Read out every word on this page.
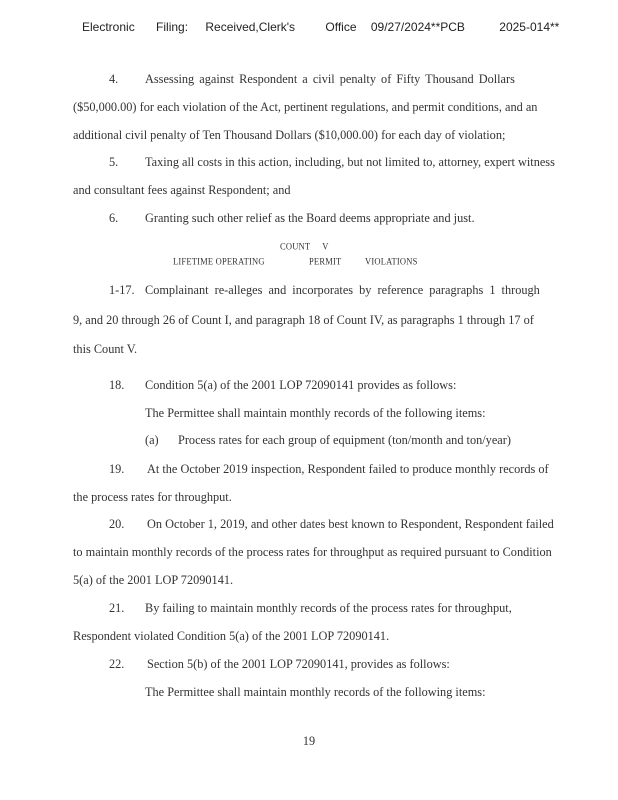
Electronic Filing: Received,Clerk's	Office 09/27/2024**PCB	2025-014**
4. Assessing against Respondent a civil penalty of Fifty Thousand Dollars
($50,000.00) for each violation of the Act, pertinent regulations, and permit conditions, and an
additional civil penalty of Ten Thousand Dollars ($10,000.00) for each day of violation;
5. Taxing all costs in this action, including, but not limited to, attorney, expert witness
and consultant fees against Respondent; and
6. Granting such other relief as the Board deems appropriate and just.
COUNT V
LIFETIME OPERATING	PERMIT	VIOLATIONS
1-17. Complainant re-alleges and incorporates by reference paragraphs 1 through
9, and 20 through 26 of Count I, and paragraph 18 of Count IV, as paragraphs 1 through 17 of
this Count V.
18. Condition 5(a) of the 2001 LOP 72090141 provides as follows:
The Permittee shall maintain monthly records of the following items:
(a) Process rates for each group of equipment (ton/month and ton/year)
19. At the October 2019 inspection, Respondent failed to produce monthly records of
the process rates for throughput.
20. On October 1, 2019, and other dates best known to Respondent, Respondent failed
to maintain monthly records of the process rates for throughput as required pursuant to Condition
5(a) of the 2001 LOP 72090141.
21. By failing to maintain monthly records of the process rates for throughput,
Respondent violated Condition 5(a) of the 2001 LOP 72090141.
22. Section 5(b) of the 2001 LOP 72090141, provides as follows:
The Permittee shall maintain monthly records of the following items:
19
